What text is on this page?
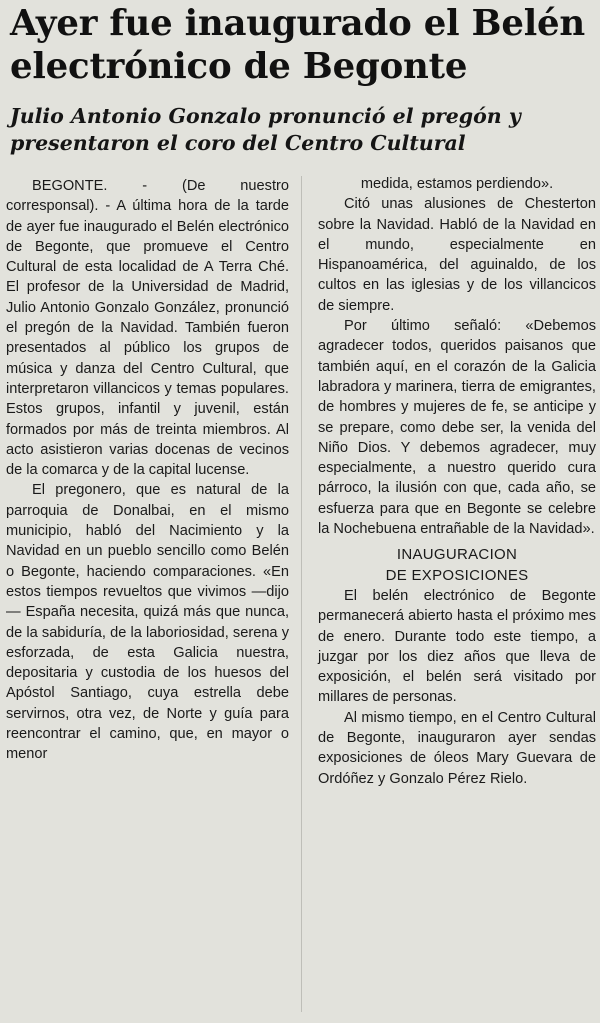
Ayer fue inaugurado el Belén electrónico de Begonte
Julio Antonio Gonzalo pronunció el pregón y presentaron el coro del Centro Cultural

BEGONTE. - (De nuestro corresponsal). - A última hora de la tarde de ayer fue inaugurado el Belén electrónico de Begonte, que promueve el Centro Cultural de esta localidad de A Terra Ché. El profesor de la Universidad de Madrid, Julio Antonio Gonzalo González, pronunció el pregón de la Navidad. También fueron presentados al público los grupos de música y danza del Centro Cultural, que interpretaron villancicos y temas populares. Estos grupos, infantil y juvenil, están formados por más de treinta miembros. Al acto asistieron varias docenas de vecinos de la comarca y de la capital lucense.

El pregonero, que es natural de la parroquia de Donalbai, en el mismo municipio, habló del Nacimiento y la Navidad en un pueblo sencillo como Belén o Begonte, haciendo comparaciones. «En estos tiempos revueltos que vivimos —dijo— España necesita, quizá más que nunca, de la sabiduría, de la laboriosidad, serena y esforzada, de esta Galicia nuestra, depositaria y custodia de los huesos del Apóstol Santiago, cuya estrella debe servirnos, otra vez, de Norte y guía para reencontrar el camino, que, en mayor o menor

medida, estamos perdiendo».

Citó unas alusiones de Chesterton sobre la Navidad. Habló de la Navidad en el mundo, especialmente en Hispanoamérica, del aguinaldo, de los cultos en las iglesias y de los villancicos de siempre.

Por último señaló: «Debemos agradecer todos, queridos paisanos que también aquí, en el corazón de la Galicia labradora y marinera, tierra de emigrantes, de hombres y mujeres de fe, se anticipe y se prepare, como debe ser, la venida del Niño Dios. Y debemos agradecer, muy especialmente, a nuestro querido cura párroco, la ilusión con que, cada año, se esfuerza para que en Begonte se celebre la Nochebuena entrañable de la Navidad».

INAUGURACION
DE EXPOSICIONES

El belén electrónico de Begonte permanecerá abierto hasta el próximo mes de enero. Durante todo este tiempo, a juzgar por los diez años que lleva de exposición, el belén será visitado por millares de personas.

Al mismo tiempo, en el Centro Cultural de Begonte, inauguraron ayer sendas exposiciones de óleos Mary Guevara de Ordóñez y Gonzalo Pérez Rielo.
